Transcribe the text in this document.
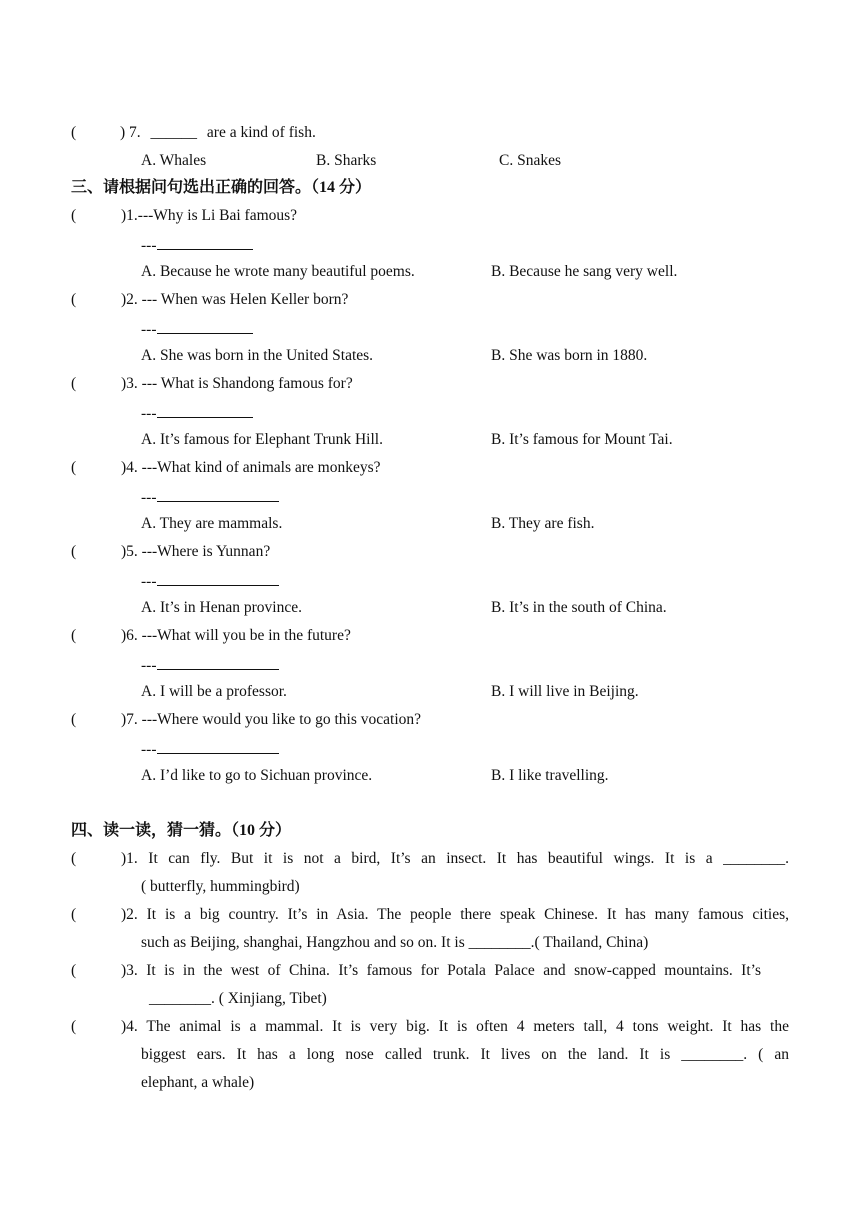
(	) 7. ______ are a kind of fish.
A. Whales	B. Sharks	C. Snakes
三、请根据问句选出正确的回答。（14 分）
(	)1.---Why is Li Bai famous?
---
A. Because he wrote many beautiful poems.	B. Because he sang very well.
(	)2. --- When was Helen Keller born?
---
A. She was born in the United States.	B. She was born in 1880.
(	)3. --- What is Shandong famous for?
---
A. It’s famous for Elephant Trunk Hill.	B. It’s famous for Mount Tai.
(	)4. ---What kind of animals are monkeys?
---
A. They are mammals.	B. They are fish.
(	)5. ---Where is Yunnan?
---
A. It’s in Henan province.	B. It’s in the south of China.
(	)6. ---What will you be in the future?
---
A. I will be a professor.	B. I will live in Beijing.
(	)7. ---Where would you like to go this vocation?
---
A. I’d like to go to Sichuan province.	B. I like travelling.
四、读一读，猜一猜。（10 分）
(	)1. It can fly. But it is not a bird, It’s an insect. It has beautiful wings. It is a ________.
( butterfly, hummingbird)
(	)2. It is a big country. It’s in Asia. The people there speak Chinese. It has many famous cities,
such as Beijing, shanghai, Hangzhou and so on. It is ________.( Thailand, China)
(	)3. It is in the west of China. It’s famous for Potala Palace and snow-capped mountains. It’s
________. ( Xinjiang, Tibet)
(	)4. The animal is a mammal. It is very big. It is often 4 meters tall, 4 tons weight. It has the
biggest ears. It has a long nose called trunk. It lives on the land. It is ________. ( an
elephant, a whale)
